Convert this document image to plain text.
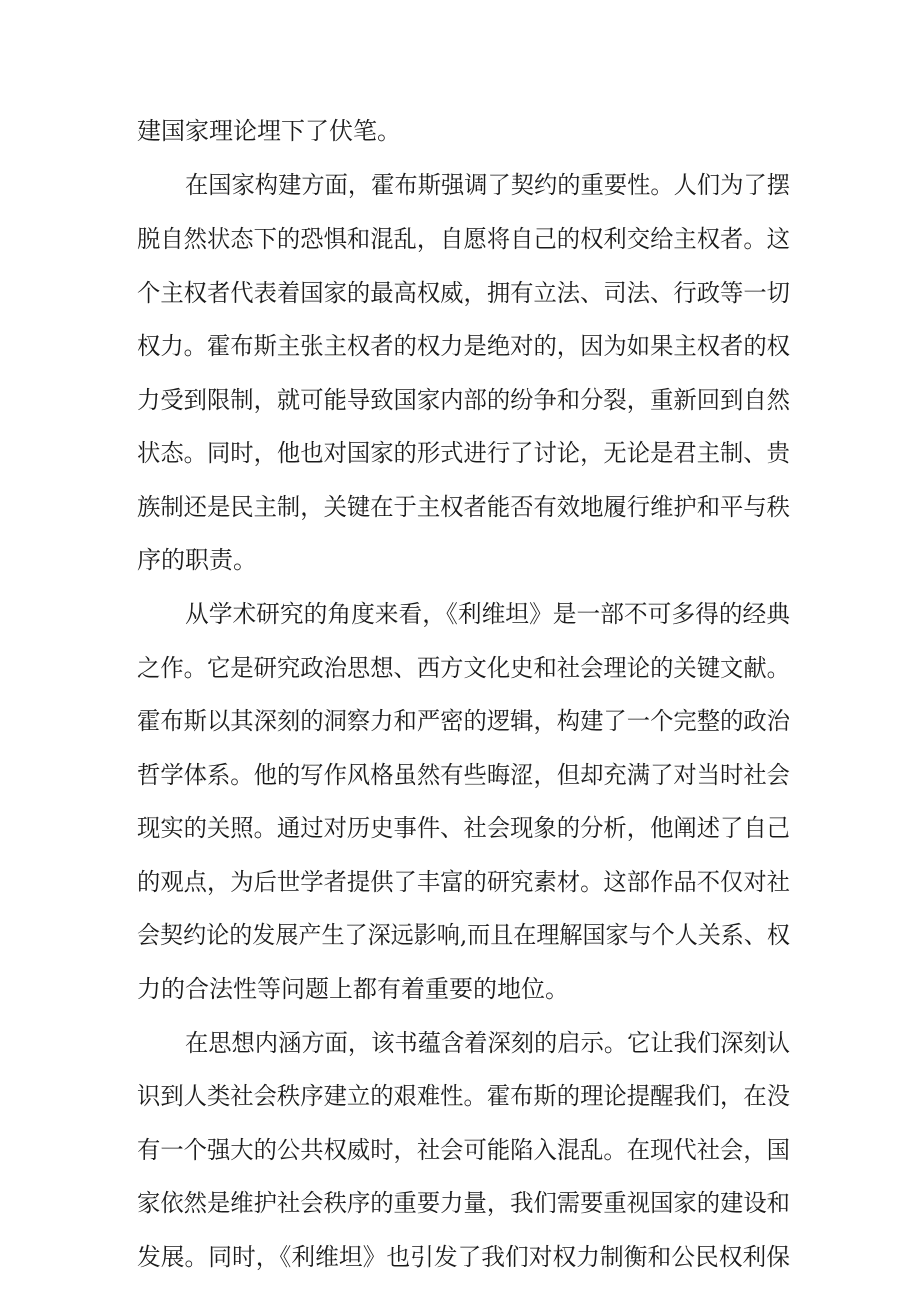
建国家理论埋下了伏笔。
在国家构建方面，霍布斯强调了契约的重要性。人们为了摆
脱自然状态下的恐惧和混乱，自愿将自己的权利交给主权者。这
个主权者代表着国家的最高权威，拥有立法、司法、行政等一切
权力。霍布斯主张主权者的权力是绝对的，因为如果主权者的权
力受到限制，就可能导致国家内部的纷争和分裂，重新回到自然
状态。同时，他也对国家的形式进行了讨论，无论是君主制、贵
族制还是民主制，关键在于主权者能否有效地履行维护和平与秩
序的职责。
从学术研究的角度来看，《利维坦》是一部不可多得的经典
之作。它是研究政治思想、西方文化史和社会理论的关键文献。
霍布斯以其深刻的洞察力和严密的逻辑，构建了一个完整的政治
哲学体系。他的写作风格虽然有些晦涩，但却充满了对当时社会
现实的关照。通过对历史事件、社会现象的分析，他阐述了自己
的观点，为后世学者提供了丰富的研究素材。这部作品不仅对社
会契约论的发展产生了深远影响,而且在理解国家与个人关系、权
力的合法性等问题上都有着重要的地位。
在思想内涵方面，该书蕴含着深刻的启示。它让我们深刻认
识到人类社会秩序建立的艰难性。霍布斯的理论提醒我们，在没
有一个强大的公共权威时，社会可能陷入混乱。在现代社会，国
家依然是维护社会秩序的重要力量，我们需要重视国家的建设和
发展。同时，《利维坦》也引发了我们对权力制衡和公民权利保
